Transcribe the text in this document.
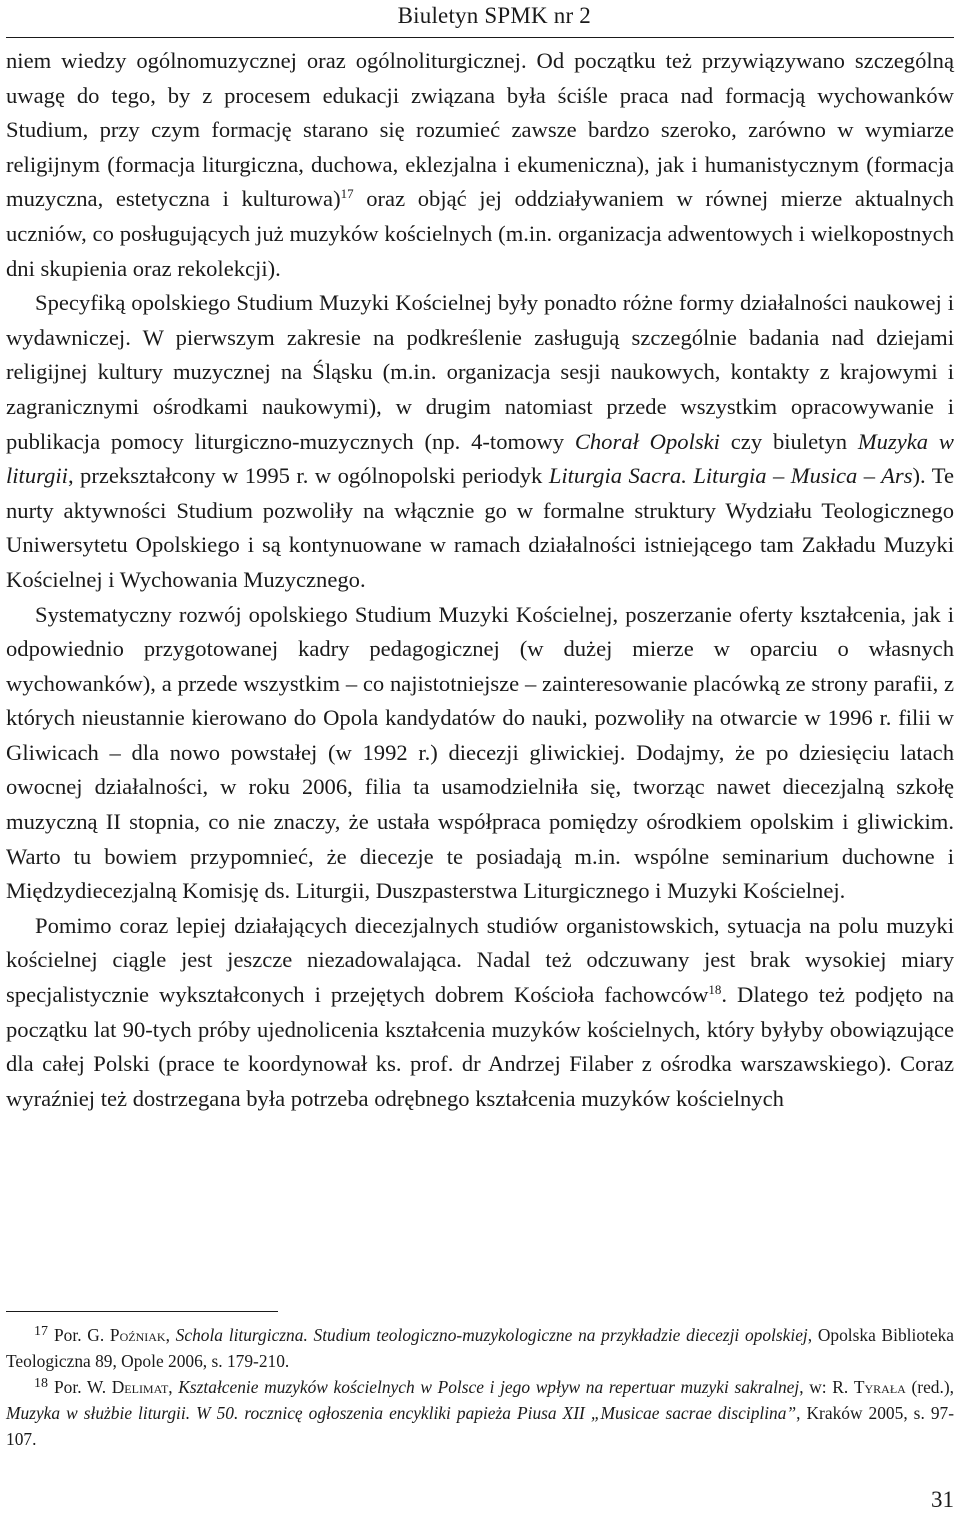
Biuletyn SPMK nr 2

niem wiedzy ogólnomuzycznej oraz ogólnoliturgicznej. Od początku też przywiązywano szczególną uwagę do tego, by z procesem edukacji związana była ściśle praca nad formacją wychowanków Studium, przy czym formację starano się rozumieć zawsze bardzo szeroko, zarówno w wymiarze religijnym (formacja liturgiczna, duchowa, eklezjalna i ekumeniczna), jak i humanistycznym (formacja muzyczna, estetyczna i kulturowa)$^{17}$ oraz objąć jej oddziaływaniem w równej mierze aktualnych uczniów, co posługujących już muzyków kościelnych (m.in. organizacja adwentowych i wielkopostnych dni skupienia oraz rekolekcji).

Specyfiką opolskiego Studium Muzyki Kościelnej były ponadto różne formy działalności naukowej i wydawniczej. W pierwszym zakresie na podkreślenie zasługują szczególnie badania nad dziejami religijnej kultury muzycznej na Śląsku (m.in. organizacja sesji naukowych, kontakty z krajowymi i zagranicznymi ośrodkami naukowymi), w drugim natomiast przede wszystkim opracowywanie i publikacja pomocy liturgiczno-muzycznych (np. 4-tomowy Chorał Opolski czy biuletyn Muzyka w liturgii, przekształcony w 1995 r. w ogólnopolski periodyk Liturgia Sacra. Liturgia – Musica – Ars). Te nurty aktywności Studium pozwoliły na włącznie go w formalne struktury Wydziału Teologicznego Uniwersytetu Opolskiego i są kontynuowane w ramach działalności istniejącego tam Zakładu Muzyki Kościelnej i Wychowania Muzycznego.

Systematyczny rozwój opolskiego Studium Muzyki Kościelnej, poszerzanie oferty kształcenia, jak i odpowiednio przygotowanej kadry pedagogicznej (w dużej mierze w oparciu o własnych wychowanków), a przede wszystkim – co najistotniejsze – zainteresowanie placówką ze strony parafii, z których nieustannie kierowano do Opola kandydatów do nauki, pozwoliły na otwarcie w 1996 r. filii w Gliwicach – dla nowo powstałej (w 1992 r.) diecezji gliwickiej. Dodajmy, że po dziesięciu latach owocnej działalności, w roku 2006, filia ta usamodzielniła się, tworząc nawet diecezjalną szkołę muzyczną II stopnia, co nie znaczy, że ustała współpraca pomiędzy ośrodkiem opolskim i gliwickim. Warto tu bowiem przypomnieć, że diecezje te posiadają m.in. wspólne seminarium duchowne i Międzydiecezjalną Komisję ds. Liturgii, Duszpasterstwa Liturgicznego i Muzyki Kościelnej.

Pomimo coraz lepiej działających diecezjalnych studiów organistowskich, sytuacja na polu muzyki kościelnej ciągle jest jeszcze niezadowalająca. Nadal też odczuwany jest brak wysokiej miary specjalistycznie wykształconych i przejętych dobrem Kościoła fachowców$^{18}$. Dlatego też podjęto na początku lat 90-tych próby ujednolicenia kształcenia muzyków kościelnych, który byłyby obowiązujące dla całej Polski (prace te koordynował ks. prof. dr Andrzej Filaber z ośrodka warszawskiego). Coraz wyraźniej też dostrzegana była potrzeba odrębnego kształcenia muzyków kościelnych

$^{17}$ Por. G. Poźniak, Schola liturgiczna. Studium teologiczno-muzykologiczne na przykładzie diecezji opolskiej, Opolska Biblioteka Teologiczna 89, Opole 2006, s. 179-210.

$^{18}$ Por. W. Delimat, Kształcenie muzyków kościelnych w Polsce i jego wpływ na repertuar muzyki sakralnej, w: R. Tyrała (red.), Muzyka w służbie liturgii. W 50. rocznicę ogłoszenia encykliki papieża Piusa XII „Musicae sacrae disciplina”, Kraków 2005, s. 97-107.

31
